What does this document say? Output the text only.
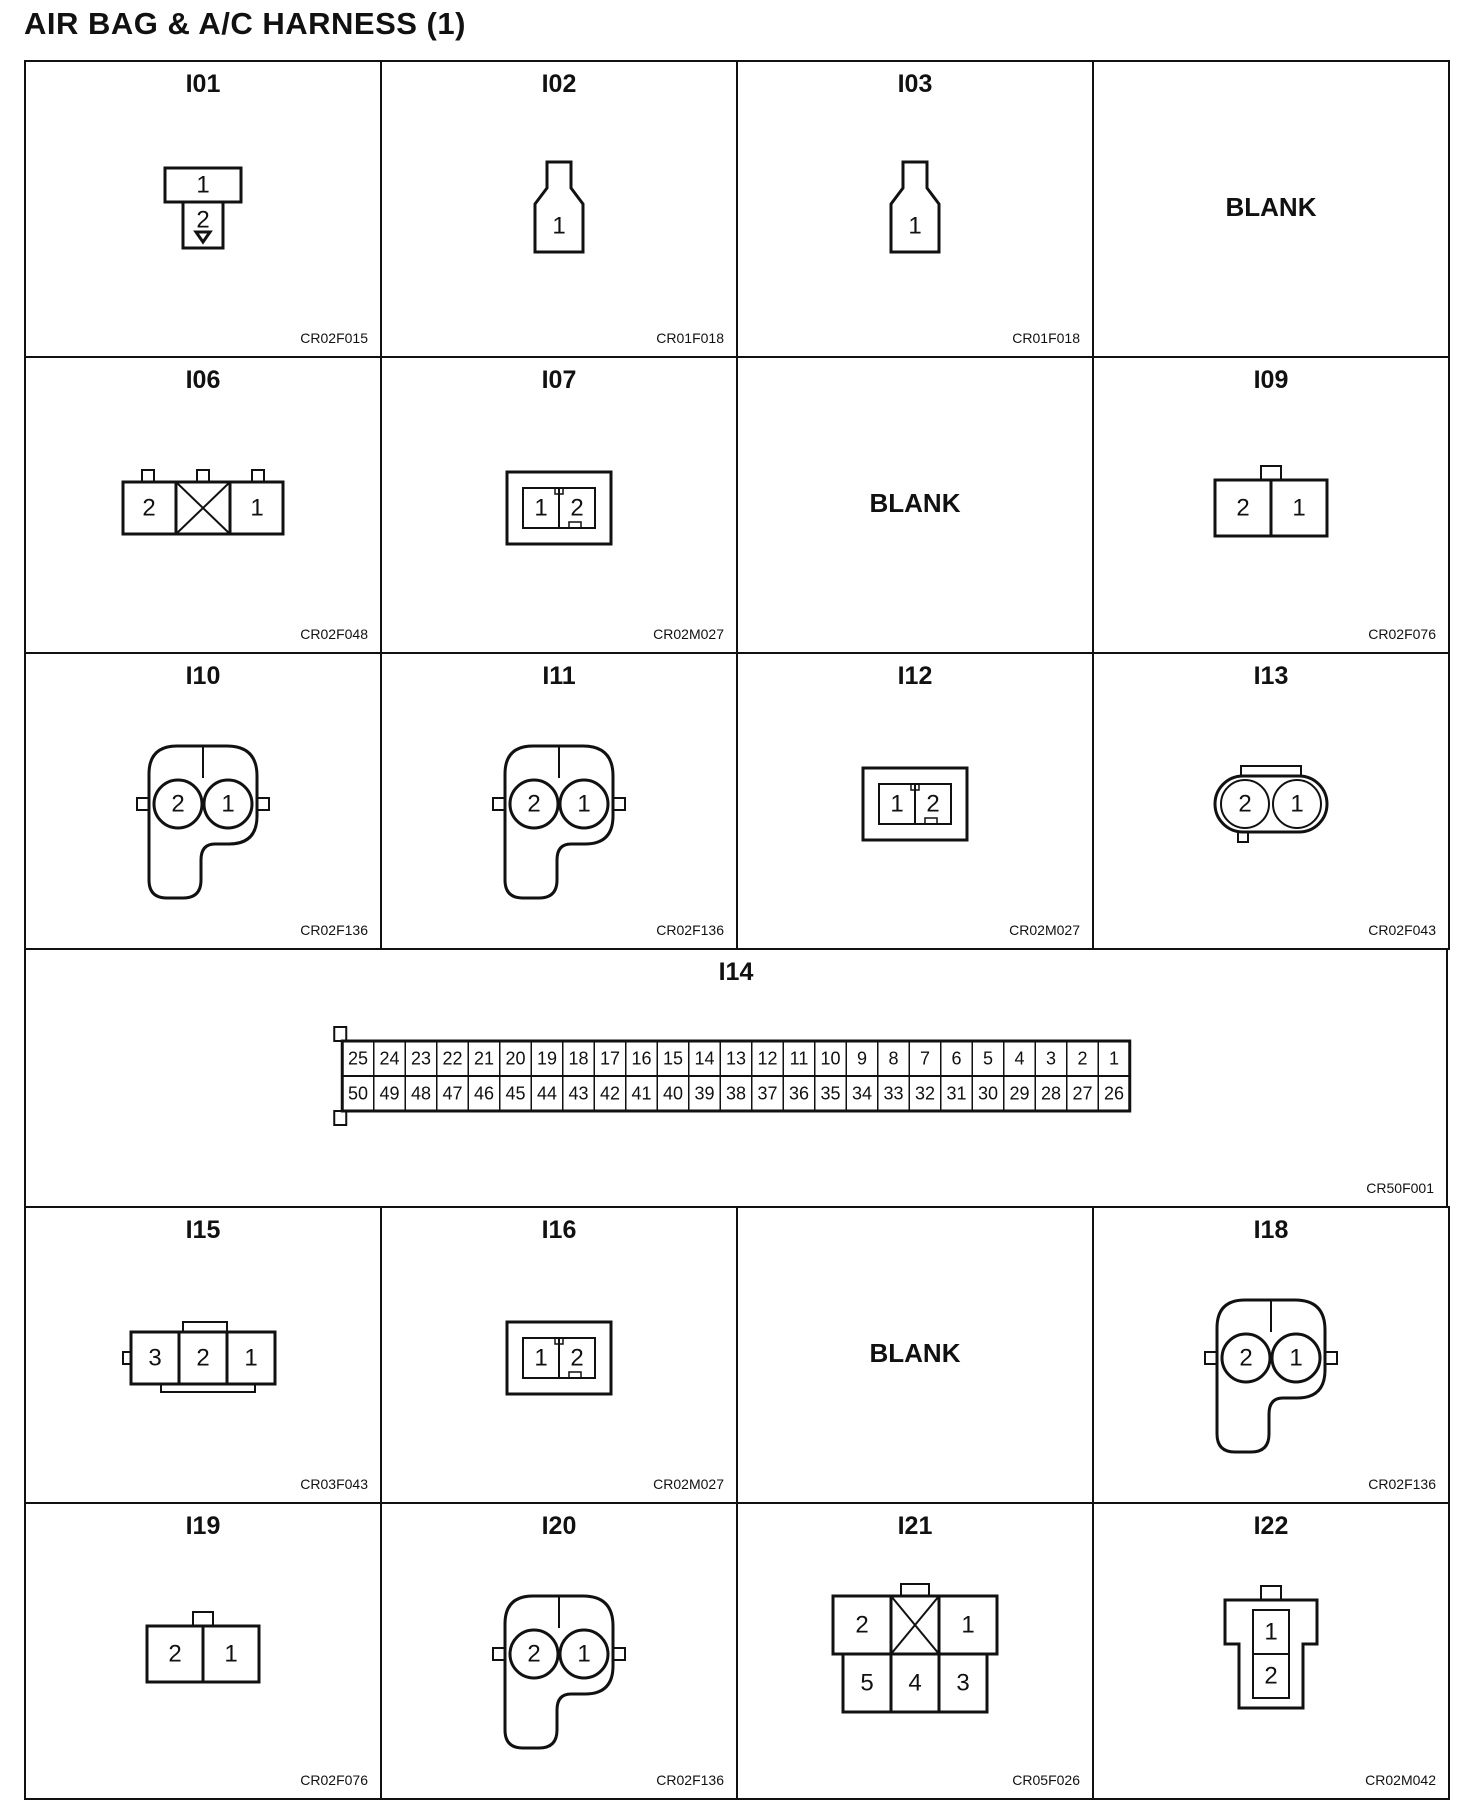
AIR BAG & A/C HARNESS (1)
I01
CR02F015
1
2
I02
CR01F018
1
I03
CR01F018
1
BLANK
I06
CR02F048
2	1
I07
CR02M027
1 2	BLANK
I09
CR02F076
2 1
I10
CR02F136
2 1
I11
CR02F136
2 1
I12
CR02M027
1 2
I13
CR02F043
2 1
I14
CR50F001
25 24 23 22 21 20 19 18 17 16 15 14 13 12 11 10 9 8 7 6 5 4 3 2 1
50 49 48 47 46 45 44 43 42 41 40 39 38 37 36 35 34 33 32 31 30 29 28 27 26
I15
CR03F043
3 2 1
I16
CR02M027
1 2	BLANK
I18
CR02F136
2 1
I19
CR02F076
2 1
I20
CR02F136
2 1
I21
CR05F026
2	1
5 4 3
I22
CR02M042
1
2
